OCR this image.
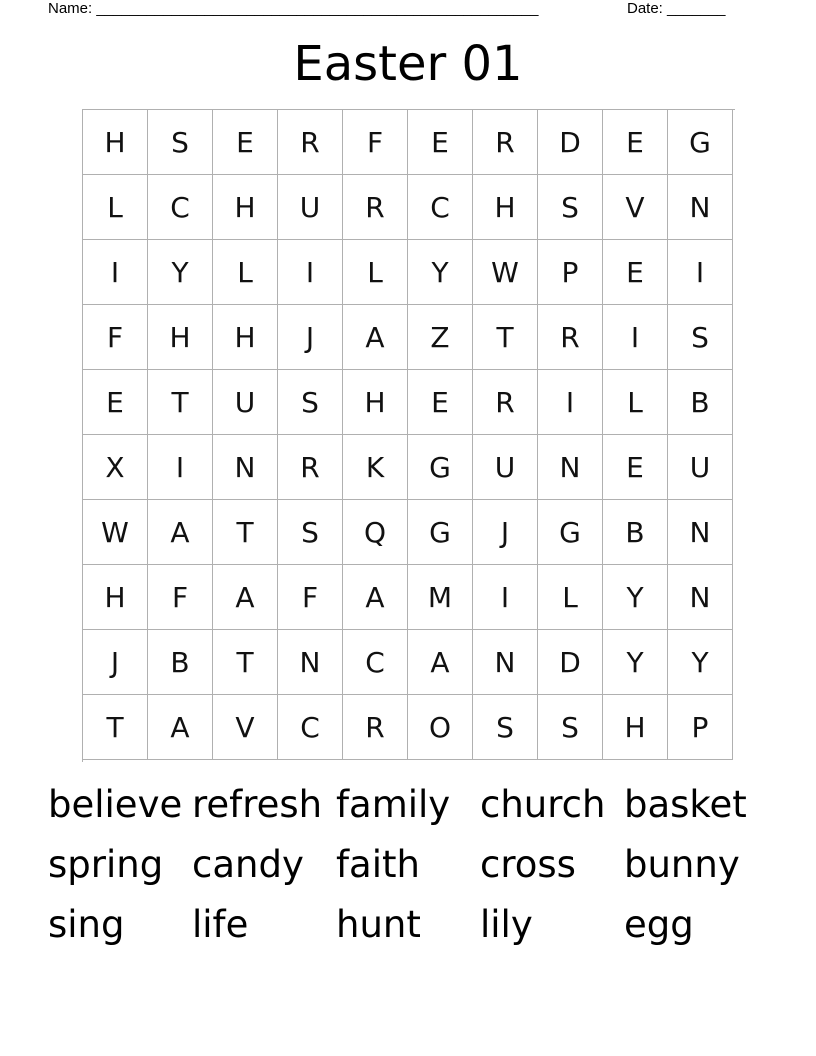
Name: _____________________________________________________	Date: _______
Easter 01
H	S	E	R	F	E	R	D	E	G
L	C	H	U	R	C	H	S	V	N
I	Y	L	I	L	Y	W	P	E	I
F	H	H	J	A	Z	T	R	I	S
E	T	U	S	H	E	R	I	L	B
X	I	N	R	K	G	U	N	E	U
W	A	T	S	Q	G	J	G	B	N
H	F	A	F	A	M	I	L	Y	N
J	B	T	N	C	A	N	D	Y	Y
T	A	V	C	R	O	S	S	H	P
believe refresh family church basket
spring candy faith	cross	bunny
sing	life	hunt	lily	egg
